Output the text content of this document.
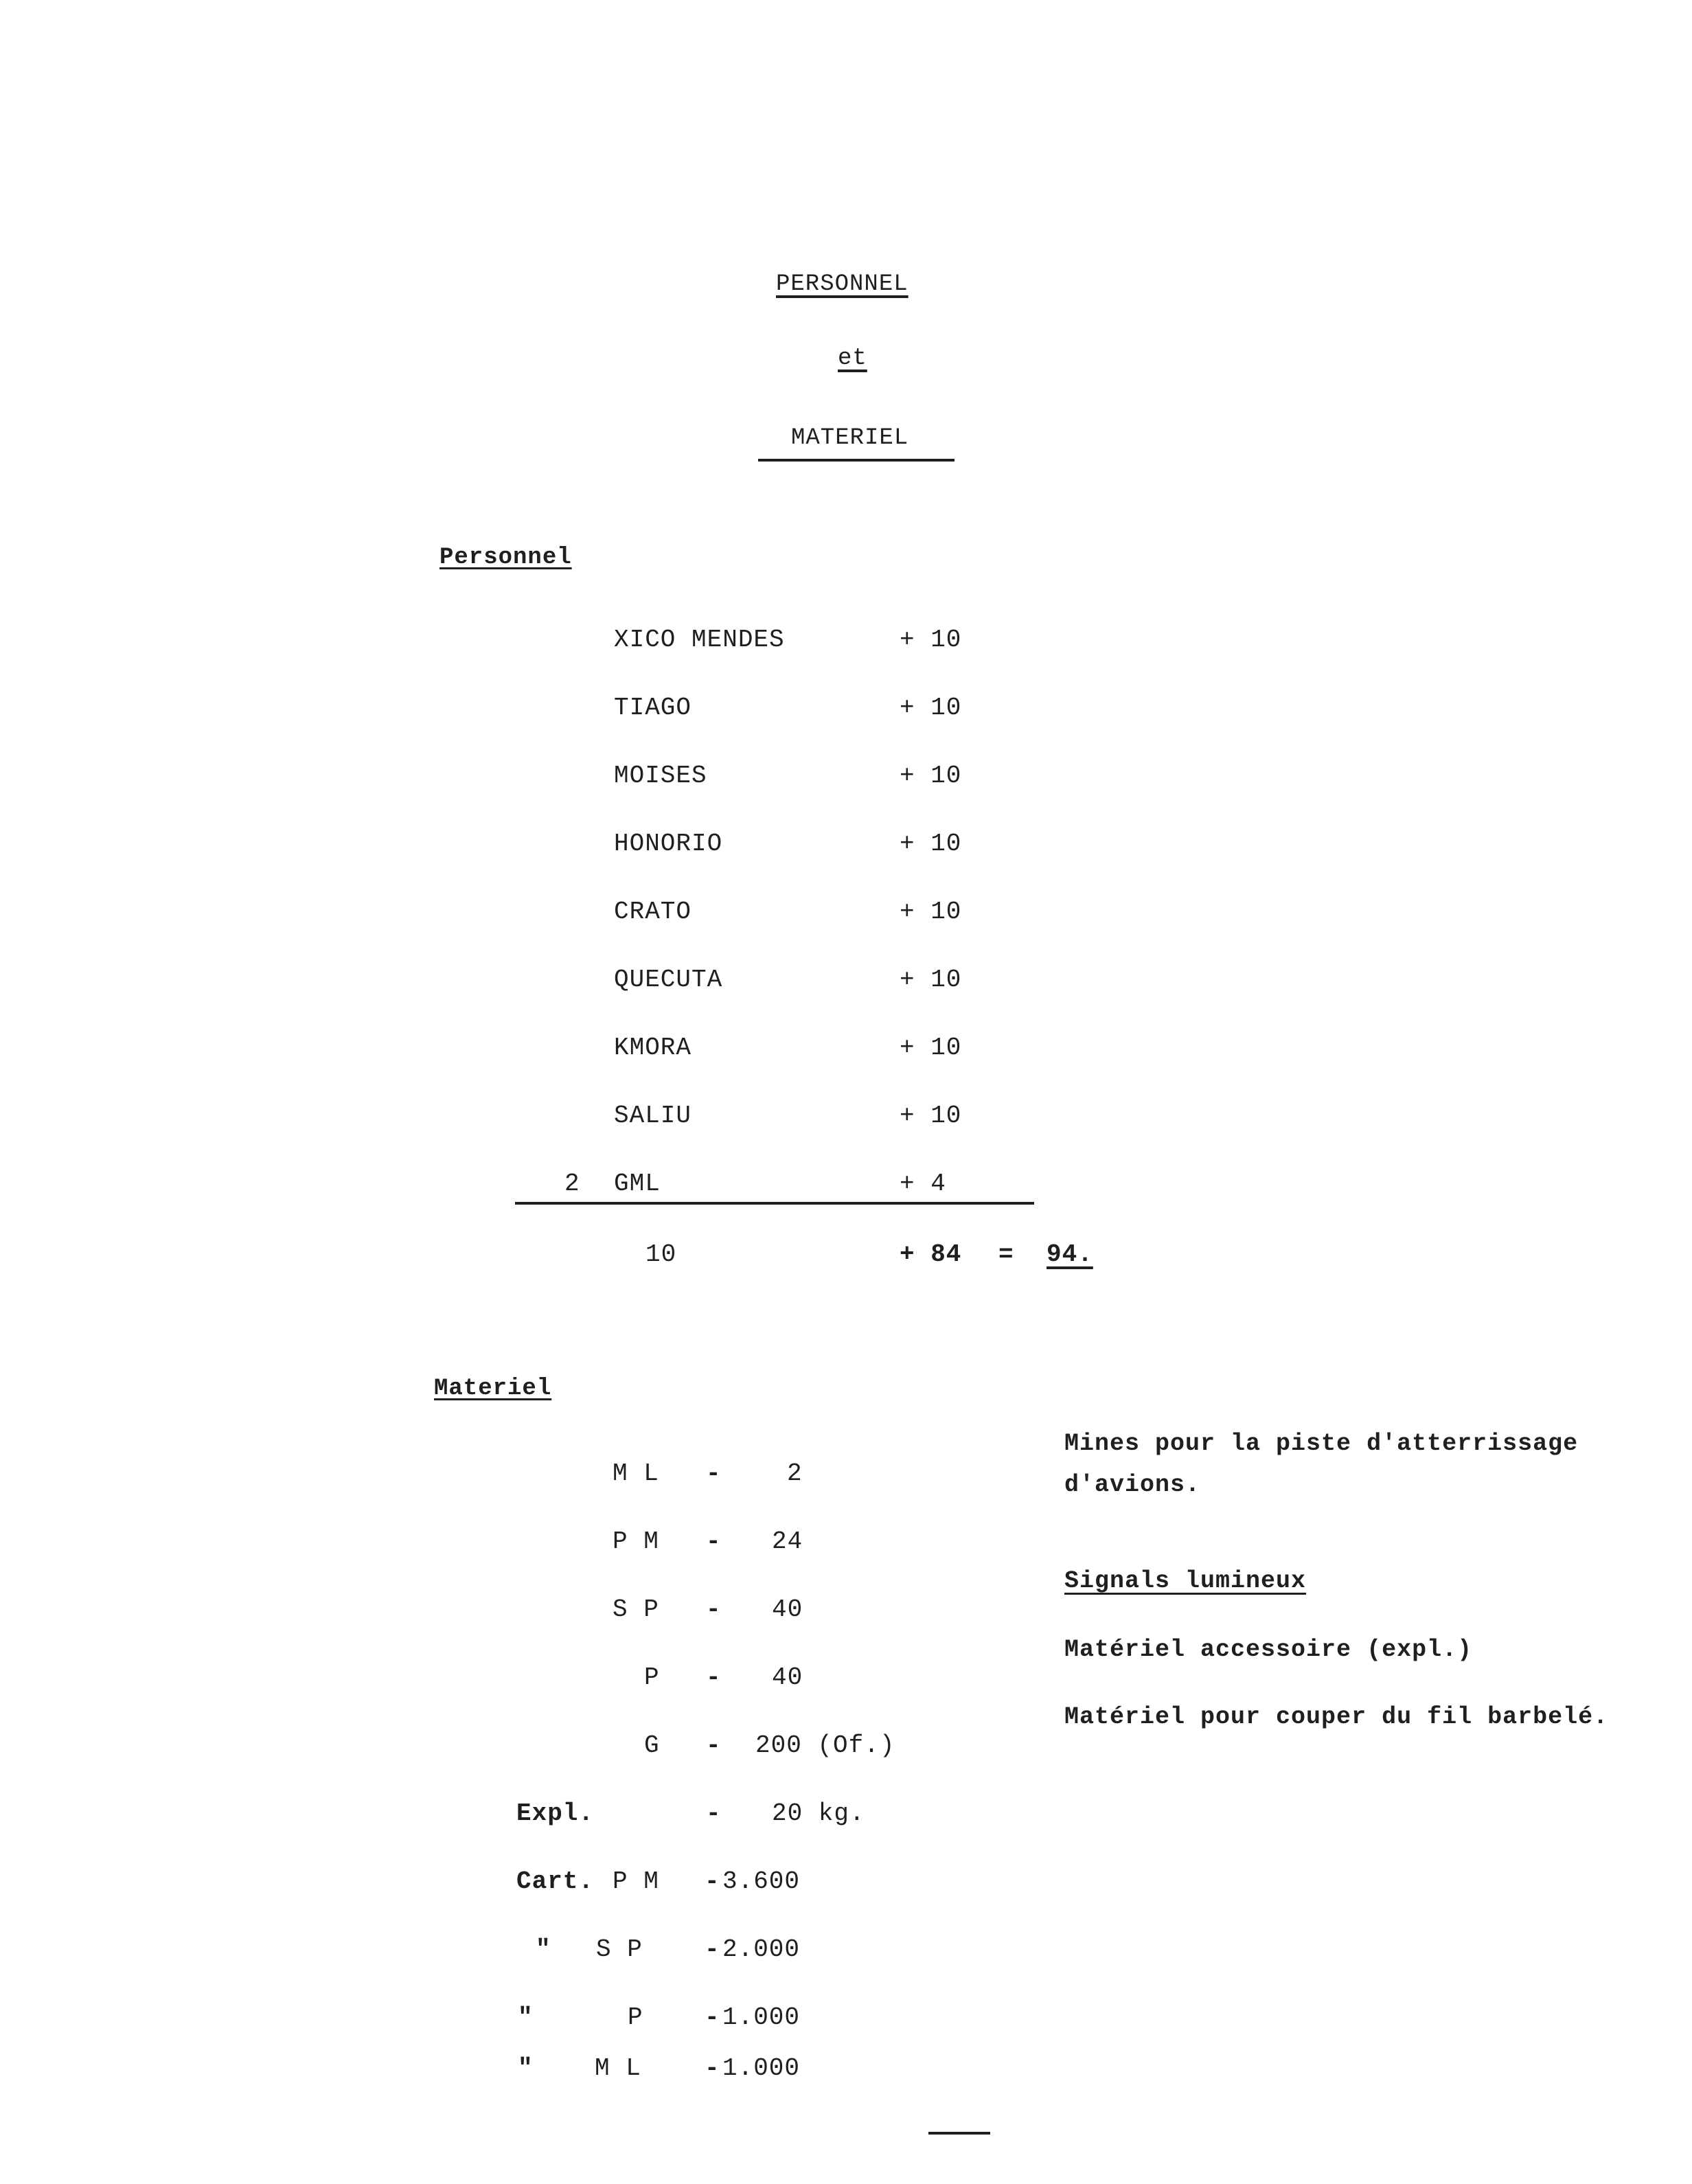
PERSONNEL
et
MATERIEL
Personnel
XICO MENDES	+ 10
TIAGO	+ 10
MOISES	+ 10
HONORIO	+ 10
CRATO	+ 10
QUECUTA	+ 10
KMORA	+ 10
SALIU	+ 10
2 GML	+ 4
10	+ 84 = 94.
Materiel
M L -	2
P M - 24
S P - 40
P - 40
G - 200 (Of.)
Expl.	- 20 kg.
Cart. P M - 3.600
" S P	- 2.000
"	P - 1.000
" M L	- 1.000
Mines pour la piste d'atterrissage
d'avions.
Signals lumineux
Matériel accessoire (expl.)
Matériel pour couper du fil barbelé.
